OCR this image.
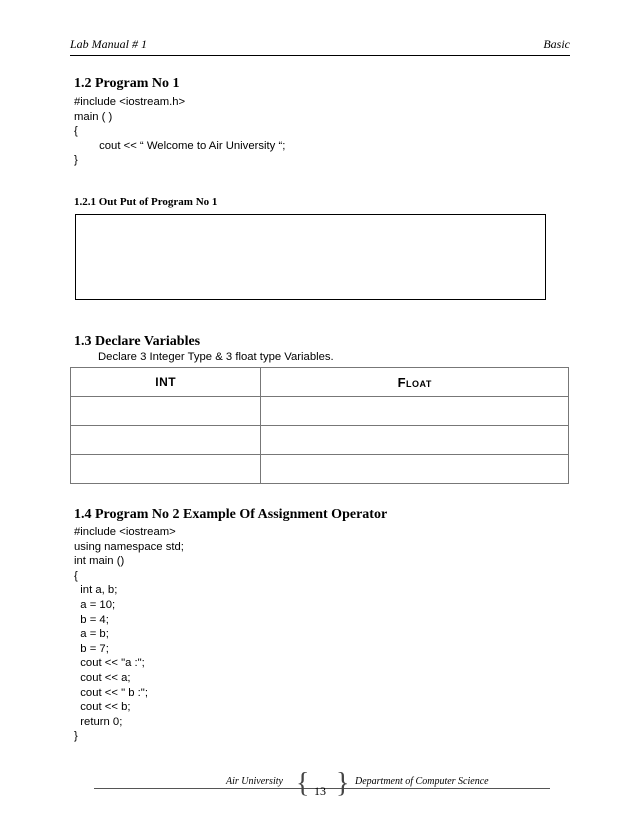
Lab Manual # 1	Basic
1.2 Program No 1
#include <iostream.h>
main ( )
{
cout << “ Welcome to Air University “;
}
1.2.1 Out Put of Program No 1
1.3 Declare Variables
Declare 3 Integer Type & 3 float type Variables.
INT	Float

1.4 Program No 2 Example Of Assignment Operator
#include <iostream>
using namespace std;
int main ()
{
int a, b;
a = 10;
b = 4;
a = b;
b = 7;
cout << "a :";
cout << a;
cout << " b :";
cout << b;
return 0;
}
Air University { 13 } Department of Computer Science
